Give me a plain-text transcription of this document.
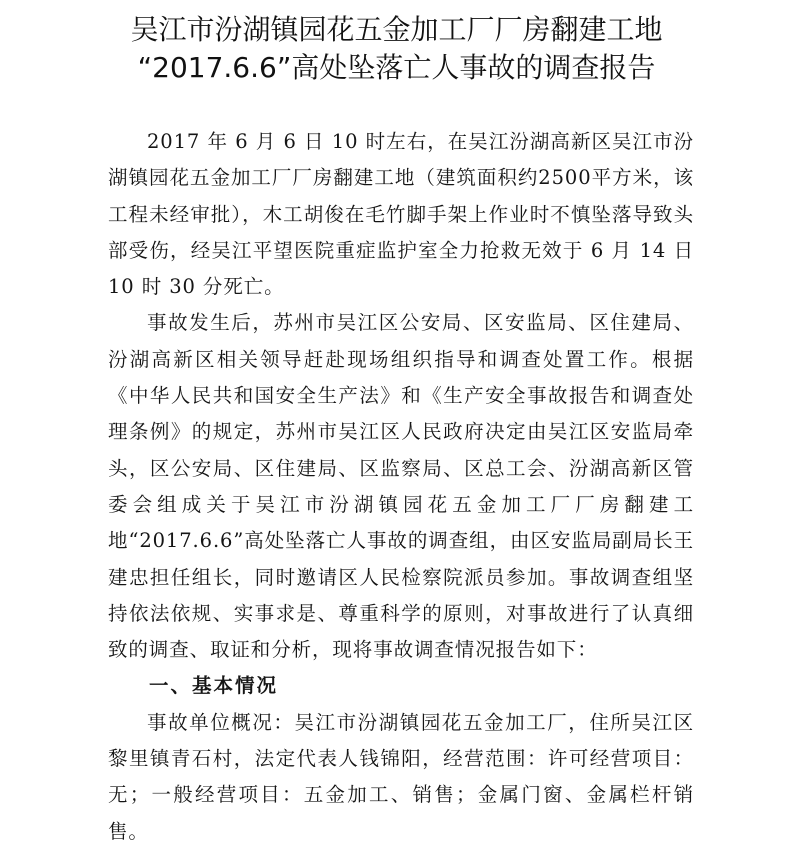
吴江市汾湖镇园花五金加工厂厂房翻建工地
“2017.6.6”高处坠落亡人事故的调查报告

2017 年 6 月 6 日 10 时左右，在吴江汾湖高新区吴江市汾湖镇园花五金加工厂厂房翻建工地（建筑面积约2500平方米，该工程未经审批），木工胡俊在毛竹脚手架上作业时不慎坠落导致头部受伤，经吴江平望医院重症监护室全力抢救无效于 6 月 14 日 10 时 30 分死亡。

事故发生后，苏州市吴江区公安局、区安监局、区住建局、汾湖高新区相关领导赶赴现场组织指导和调查处置工作。根据《中华人民共和国安全生产法》和《生产安全事故报告和调查处理条例》的规定，苏州市吴江区人民政府决定由吴江区安监局牵头，区公安局、区住建局、区监察局、区总工会、汾湖高新区管委会组成关于吴江市汾湖镇园花五金加工厂厂房翻建工地“2017.6.6”高处坠落亡人事故的调查组，由区安监局副局长王建忠担任组长，同时邀请区人民检察院派员参加。事故调查组坚持依法依规、实事求是、尊重科学的原则，对事故进行了认真细致的调查、取证和分析，现将事故调查情况报告如下：

一、基本情况

事故单位概况：吴江市汾湖镇园花五金加工厂，住所吴江区黎里镇青石村，法定代表人钱锦阳，经营范围：许可经营项目：无；一般经营项目：五金加工、销售；金属门窗、金属栏杆销售。
